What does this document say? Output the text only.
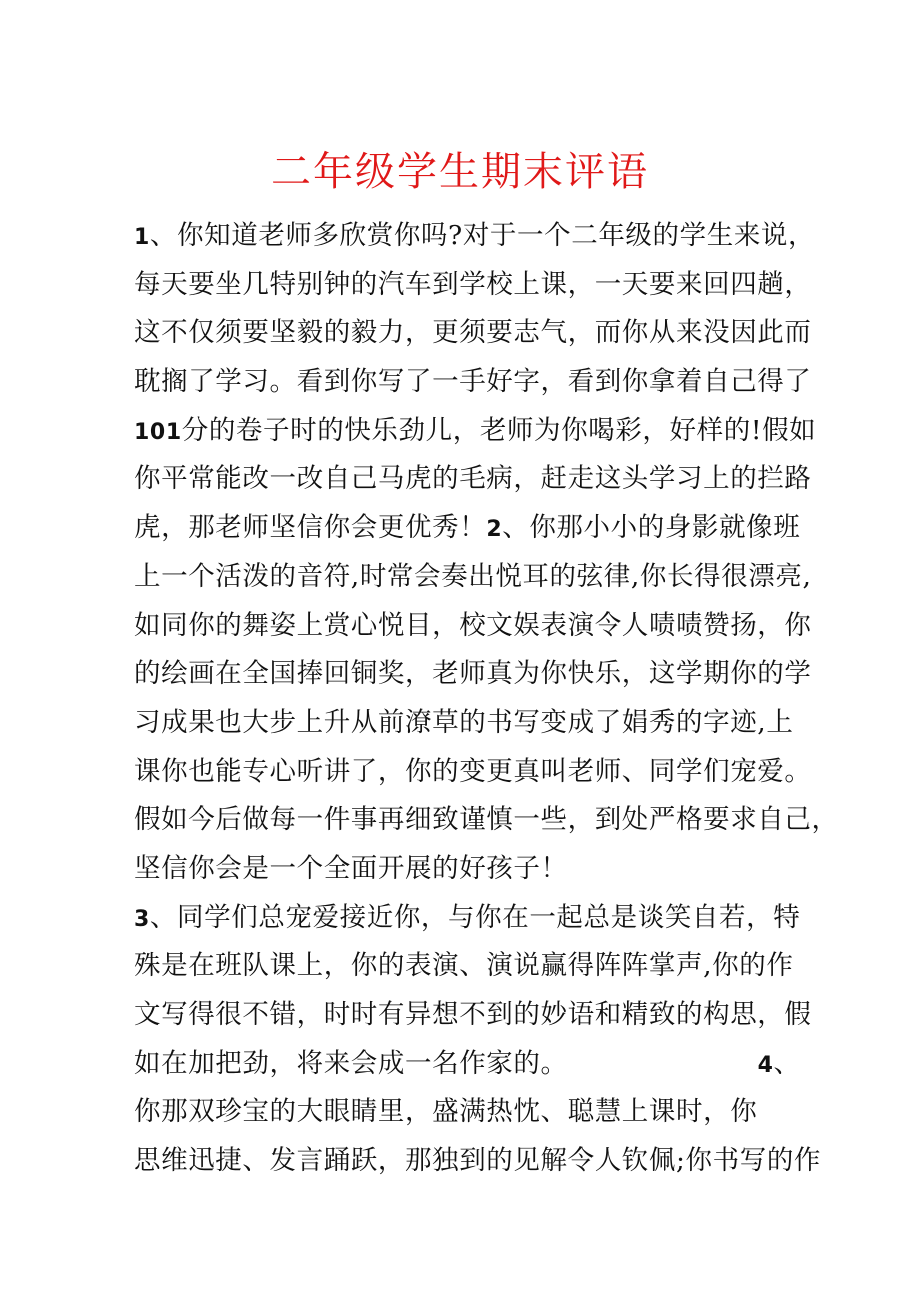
二年级学生期末评语
1、你知道老师多欣赏你吗?对于一个二年级的学生来说，
每天要坐几特别钟的汽车到学校上课，一天要来回四趟，
这不仅须要坚毅的毅力，更须要志气，而你从来没因此而
耽搁了学习。看到你写了一手好字，看到你拿着自己得了
101分的卷子时的快乐劲儿，老师为你喝彩，好样的!假如
你平常能改一改自己马虎的毛病，赶走这头学习上的拦路
虎，那老师坚信你会更优秀！2、你那小小的身影就像班
上一个活泼的音符,时常会奏出悦耳的弦律,你长得很漂亮,
如同你的舞姿上赏心悦目，校文娱表演令人啧啧赞扬，你
的绘画在全国捧回铜奖，老师真为你快乐，这学期你的学
习成果也大步上升从前潦草的书写变成了娟秀的字迹,上
课你也能专心听讲了，你的变更真叫老师、同学们宠爱。
假如今后做每一件事再细致谨慎一些，到处严格要求自己，
坚信你会是一个全面开展的好孩子！
3、同学们总宠爱接近你，与你在一起总是谈笑自若，特
殊是在班队课上，你的表演、演说赢得阵阵掌声,你的作
文写得很不错，时时有异想不到的妙语和精致的构思，假
如在加把劲，将来会成一名作家的。	4、
你那双珍宝的大眼睛里，盛满热忱、聪慧上课时，你
思维迅捷、发言踊跃，那独到的见解令人钦佩;你书写的作
